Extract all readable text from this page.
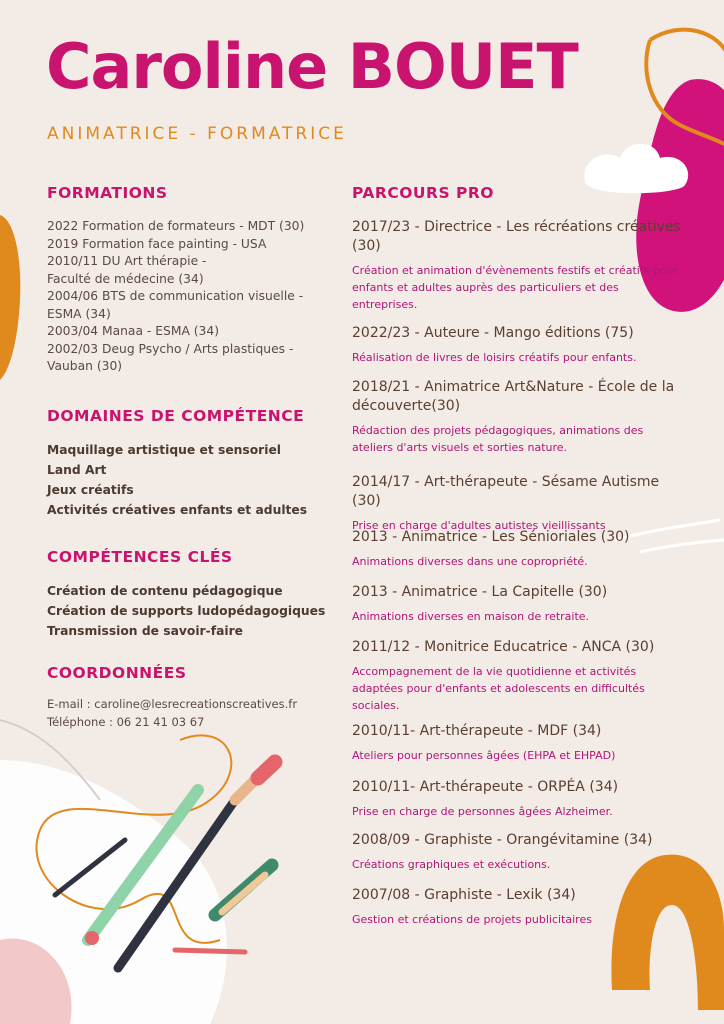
Caroline BOUET
ANIMATRICE - FORMATRICE
FORMATIONS
2022 Formation de formateurs - MDT (30)
2019 Formation face painting - USA
2010/11 DU Art thérapie -
Faculté de médecine (34)
2004/06 BTS de communication visuelle -
ESMA (34)
2003/04 Manaa - ESMA (34)
2002/03 Deug Psycho / Arts plastiques -
Vauban (30)
DOMAINES DE COMPÉTENCE
Maquillage artistique et sensoriel
Land Art
Jeux créatifs
Activités créatives enfants et adultes
COMPÉTENCES CLÉS
Création de contenu pédagogique
Création de supports ludopédagogiques
Transmission de savoir-faire
COORDONNÉES
E-mail : caroline@lesrecreationscreatives.fr
Téléphone : 06 21 41 03 67
PARCOURS PRO

2017/23 - Directrice - Les récréations créatives (30)

Création et animation d'évènements festifs et créatifs pour enfants et adultes auprès des particuliers et des entreprises.

2022/23 - Auteure - Mango éditions (75)

Réalisation de livres de loisirs créatifs pour enfants.

2018/21 - Animatrice Art&Nature - École de la découverte(30)

Rédaction des projets pédagogiques, animations des ateliers d'arts visuels et sorties nature.

2014/17 - Art-thérapeute - Sésame Autisme (30)

Prise en charge d'adultes autistes vieillissants

2013 - Animatrice - Les Sénioriales (30)

Animations diverses dans une copropriété.

2013 - Animatrice - La Capitelle (30)

Animations diverses en maison de retraite.

2011/12 - Monitrice Educatrice - ANCA (30)

Accompagnement de la vie quotidienne et activités adaptées pour d'enfants et adolescents en difficultés sociales.

2010/11- Art-thérapeute - MDF (34)

Ateliers pour personnes âgées (EHPA et EHPAD)

2010/11- Art-thérapeute - ORPÉA (34)

Prise en charge de personnes âgées Alzheimer.

2008/09 - Graphiste - Orangévitamine (34)

Créations graphiques et exécutions.

2007/08 - Graphiste - Lexik (34)

Gestion et créations de projets publicitaires
